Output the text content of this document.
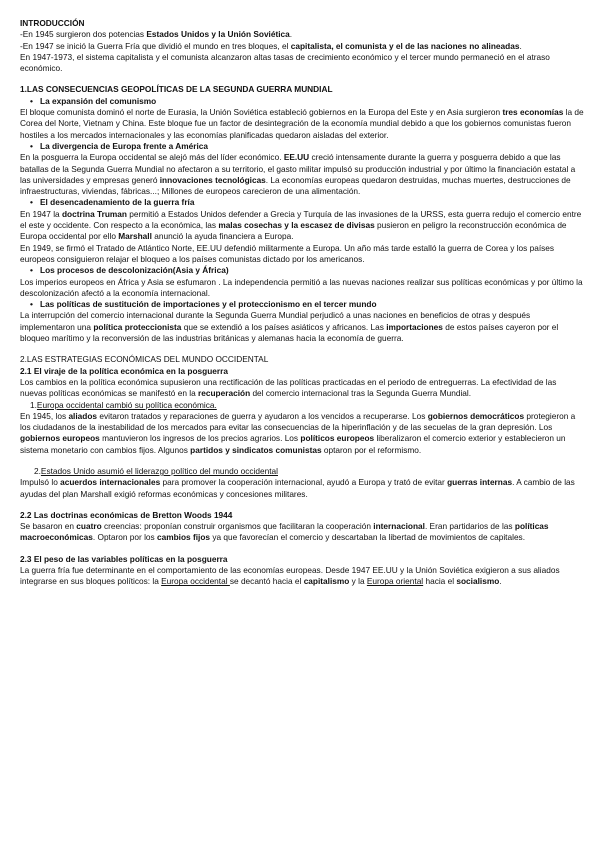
INTRODUCCIÓN

-En 1945 surgieron dos potencias Estados Unidos y la Unión Soviética.

-En 1947 se inició la Guerra Fría que dividió el mundo en tres bloques, el capitalista, el comunista y el de las naciones no alineadas.

En 1947-1973, el sistema capitalista y el comunista alcanzaron altas tasas de crecimiento económico y el tercer mundo permaneció en el atraso económico.

1.LAS CONSECUENCIAS GEOPOLÍTICAS DE LA SEGUNDA GUERRA MUNDIAL

• La expansión del comunismo

El bloque comunista dominó el norte de Eurasia, la Unión Soviética estableció gobiernos en la Europa del Este y en Asia surgieron tres economías la de Corea del Norte, Vietnam y China. Este bloque fue un factor de desintegración de la economía mundial debido a que los gobiernos comunistas fueron hostiles a los mercados internacionales y las economías planificadas quedaron aisladas del exterior.

• La divergencia de Europa frente a América

En la posguerra la Europa occidental se alejó más del líder económico. EE.UU creció intensamente durante la guerra y posguerra debido a que las batallas de la Segunda Guerra Mundial no afectaron a su territorio, el gasto militar impulsó su producción industrial y por último la financiación estatal a las universidades y empresas generó innovaciones tecnológicas. La economías europeas quedaron destruidas, muchas muertes, destrucciones de infraestructuras, viviendas, fábricas...; Millones de europeos carecieron de una alimentación.

• El desencadenamiento de la guerra fría

En 1947 la doctrina Truman permitió a Estados Unidos defender a Grecia y Turquía de las invasiones de la URSS, esta guerra redujo el comercio entre el este y occidente. Con respecto a la económica, las malas cosechas y la escasez de divisas pusieron en peligro la reconstrucción económica de Europa occidental por ello Marshall anunció la ayuda financiera a Europa.

En 1949, se firmó el Tratado de Atlántico Norte, EE.UU defendió militarmente a Europa. Un año más tarde estalló la guerra de Corea y los países europeos consiguieron relajar el bloqueo a los países comunistas dictado por los americanos.

• Los procesos de descolonización(Asia y África)

Los imperios europeos en África y Asia se esfumaron . La independencia permitió a las nuevas naciones realizar sus políticas económicas y por último la descolonización afectó a la economía internacional.

• Las políticas de sustitución de importaciones y el proteccionismo en el tercer mundo

La interrupción del comercio internacional durante la Segunda Guerra Mundial perjudicó a unas naciones en beneficios de otras y después implementaron una política proteccionista que se extendió a los países asiáticos y africanos. Las importaciones de estos países cayeron por el bloqueo marítimo y la reconversión de las industrias británicas y alemanas hacia la economía de guerra.

2.LAS ESTRATEGIAS ECONÓMICAS DEL MUNDO OCCIDENTAL

2.1 El viraje de la política económica en la posguerra

Los cambios en la política económica supusieron una rectificación de las políticas practicadas en el periodo de entreguerras. La efectividad de las nuevas políticas económicas se manifestó en la recuperación del comercio internacional tras la Segunda Guerra Mundial.

1.Europa occidental cambió su política económica.

En 1945, los aliados evitaron tratados y reparaciones de guerra y ayudaron a los vencidos a recuperarse. Los gobiernos democráticos protegieron a los ciudadanos de la inestabilidad de los mercados para evitar las consecuencias de la hiperinflación y de las secuelas de la gran depresión. Los gobiernos europeos mantuvieron los ingresos de los precios agrarios. Los políticos europeos liberalizaron el comercio exterior y establecieron un sistema monetario con cambios fijos. Algunos partidos y sindicatos comunistas optaron por el reformismo.

2.Estados Unido asumió el liderazgo político del mundo occidental

Impulsó lo acuerdos internacionales para promover la cooperación internacional, ayudó a Europa y trató de evitar guerras internas. A cambio de las ayudas del plan Marshall exigió reformas económicas y concesiones militares.

2.2 Las doctrinas económicas de Bretton Woods 1944

Se basaron en cuatro creencias: proponían construir organismos que facilitaran la cooperación internacional. Eran partidarios de las políticas macroeconómicas. Optaron por los cambios fijos ya que favorecían el comercio y descartaban la libertad de movimientos de capitales.

2.3 El peso de las variables políticas en la posguerra

La guerra fría fue determinante en el comportamiento de las economías europeas. Desde 1947 EE.UU y la Unión Soviética exigieron a sus aliados integrarse en sus bloques políticos: la Europa occidental se decantó hacia el capitalismo y la Europa oriental hacia el socialismo.
